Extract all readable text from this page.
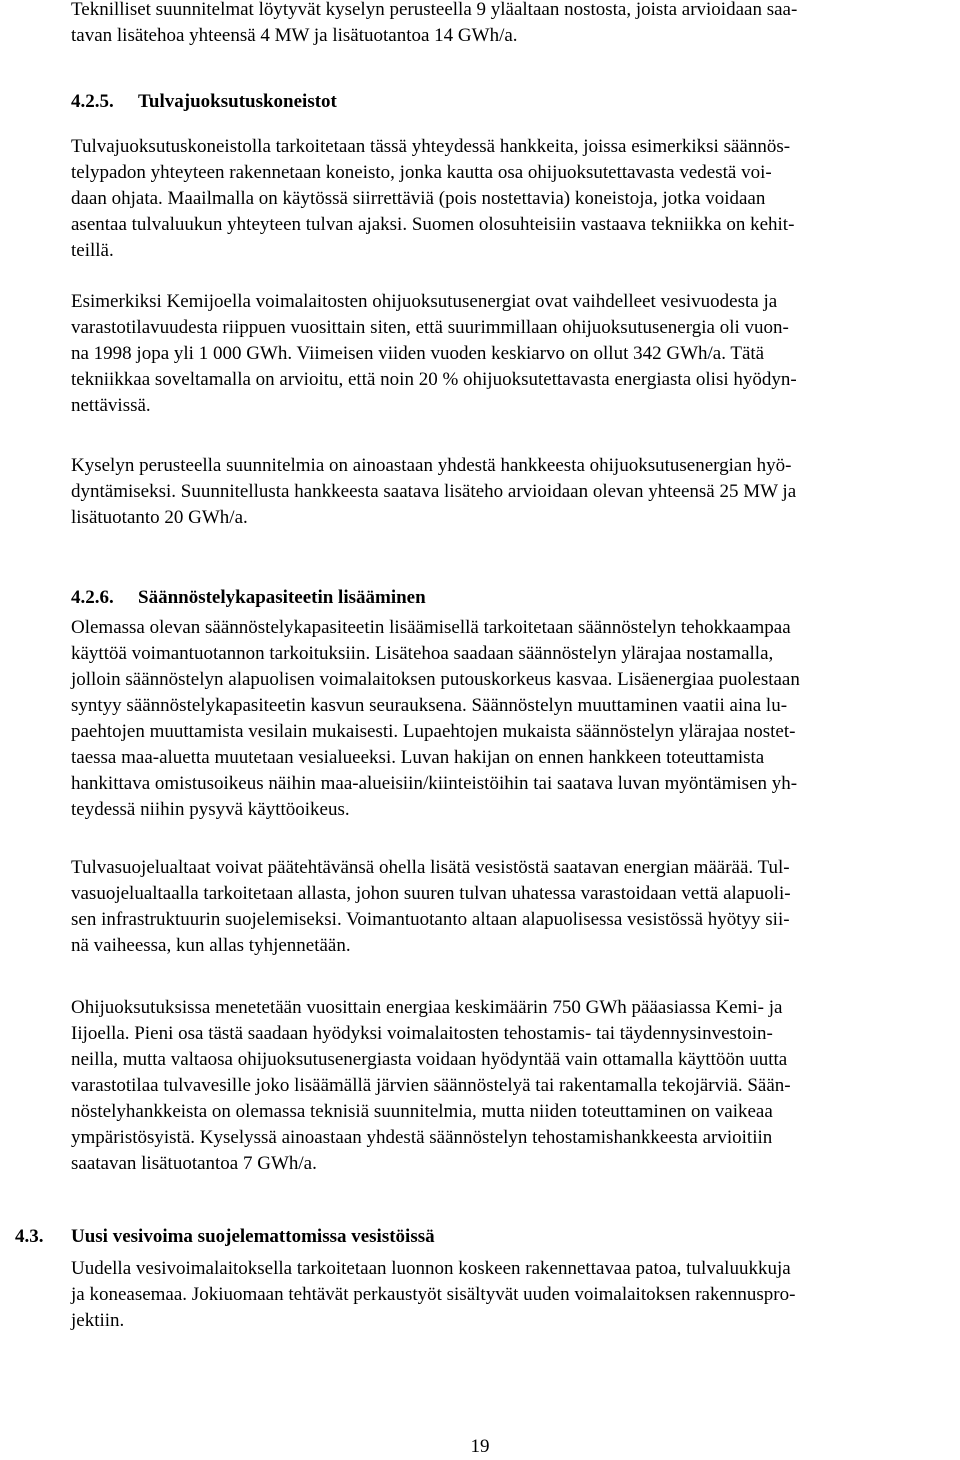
Teknilliset suunnitelmat löytyvät kyselyn perusteella 9 yläaltaan nostosta, joista arvioidaan saa-
tavan lisätehoa yhteensä 4 MW ja lisätuotantoa 14 GWh/a.

4.2.5. Tulvajuoksutuskoneistot

Tulvajuoksutuskoneistolla tarkoitetaan tässä yhteydessä hankkeita, joissa esimerkiksi säännös-
telypadon yhteyteen rakennetaan koneisto, jonka kautta osa ohijuoksutettavasta vedestä voi-
daan ohjata. Maailmalla on käytössä siirrettäviä (pois nostettavia) koneistoja, jotka voidaan
asentaa tulvaluukun yhteyteen tulvan ajaksi. Suomen olosuhteisiin vastaava tekniikka on kehit-
teillä.

Esimerkiksi Kemijoella voimalaitosten ohijuoksutusenergiat ovat vaihdelleet vesivuodesta ja
varastotilavuudesta riippuen vuosittain siten, että suurimmillaan ohijuoksutusenergia oli vuon-
na 1998 jopa yli 1 000 GWh. Viimeisen viiden vuoden keskiarvo on ollut 342 GWh/a. Tätä
tekniikkaa soveltamalla on arvioitu, että noin 20 % ohijuoksutettavasta energiasta olisi hyödyn-
nettävissä.

Kyselyn perusteella suunnitelmia on ainoastaan yhdestä hankkeesta ohijuoksutusenergian hyö-
dyntämiseksi. Suunnitellusta hankkeesta saatava lisäteho arvioidaan olevan yhteensä 25 MW ja
lisätuotanto 20 GWh/a.

4.2.6. Säännöstelykapasiteetin lisääminen

Olemassa olevan säännöstelykapasiteetin lisäämisellä tarkoitetaan säännöstelyn tehokkaampaa
käyttöä voimantuotannon tarkoituksiin. Lisätehoa saadaan säännöstelyn ylärajaa nostamalla,
jolloin säännöstelyn alapuolisen voimalaitoksen putouskorkeus kasvaa. Lisäenergiaa puolestaan
syntyy säännöstelykapasiteetin kasvun seurauksena. Säännöstelyn muuttaminen vaatii aina lu-
paehtojen muuttamista vesilain mukaisesti. Lupaehtojen mukaista säännöstelyn ylärajaa nostet-
taessa maa-aluetta muutetaan vesialueeksi. Luvan hakijan on ennen hankkeen toteuttamista
hankittava omistusoikeus näihin maa-alueisiin/kiinteistöihin tai saatava luvan myöntämisen yh-
teydessä niihin pysyvä käyttöoikeus.

Tulvasuojelualtaat voivat päätehtävänsä ohella lisätä vesistöstä saatavan energian määrää. Tul-
vasuojelualtaalla tarkoitetaan allasta, johon suuren tulvan uhatessa varastoidaan vettä alapuoli-
sen infrastruktuurin suojelemiseksi. Voimantuotanto altaan alapuolisessa vesistössä hyötyy sii-
nä vaiheessa, kun allas tyhjennetään.

Ohijuoksutuksissa menetetään vuosittain energiaa keskimäärin 750 GWh pääasiassa Kemi- ja
Iijoella. Pieni osa tästä saadaan hyödyksi voimalaitosten tehostamis- tai täydennysinvestoin-
neilla, mutta valtaosa ohijuoksutusenergiasta voidaan hyödyntää vain ottamalla käyttöön uutta
varastotilaa tulvavesille joko lisäämällä järvien säännöstelyä tai rakentamalla tekojärviä. Sään-
nöstelyhankkeista on olemassa teknisiä suunnitelmia, mutta niiden toteuttaminen on vaikeaa
ympäristösyistä. Kyselyssä ainoastaan yhdestä säännöstelyn tehostamishankkeesta arvioitiin
saatavan lisätuotantoa 7 GWh/a.

4.3. Uusi vesivoima suojelemattomissa vesistöissä

Uudella vesivoimalaitoksella tarkoitetaan luonnon koskeen rakennettavaa patoa, tulvaluukkuja
ja koneasemaa. Jokiuomaan tehtävät perkaustyöt sisältyvät uuden voimalaitoksen rakennuspro-
jektiin.

19
